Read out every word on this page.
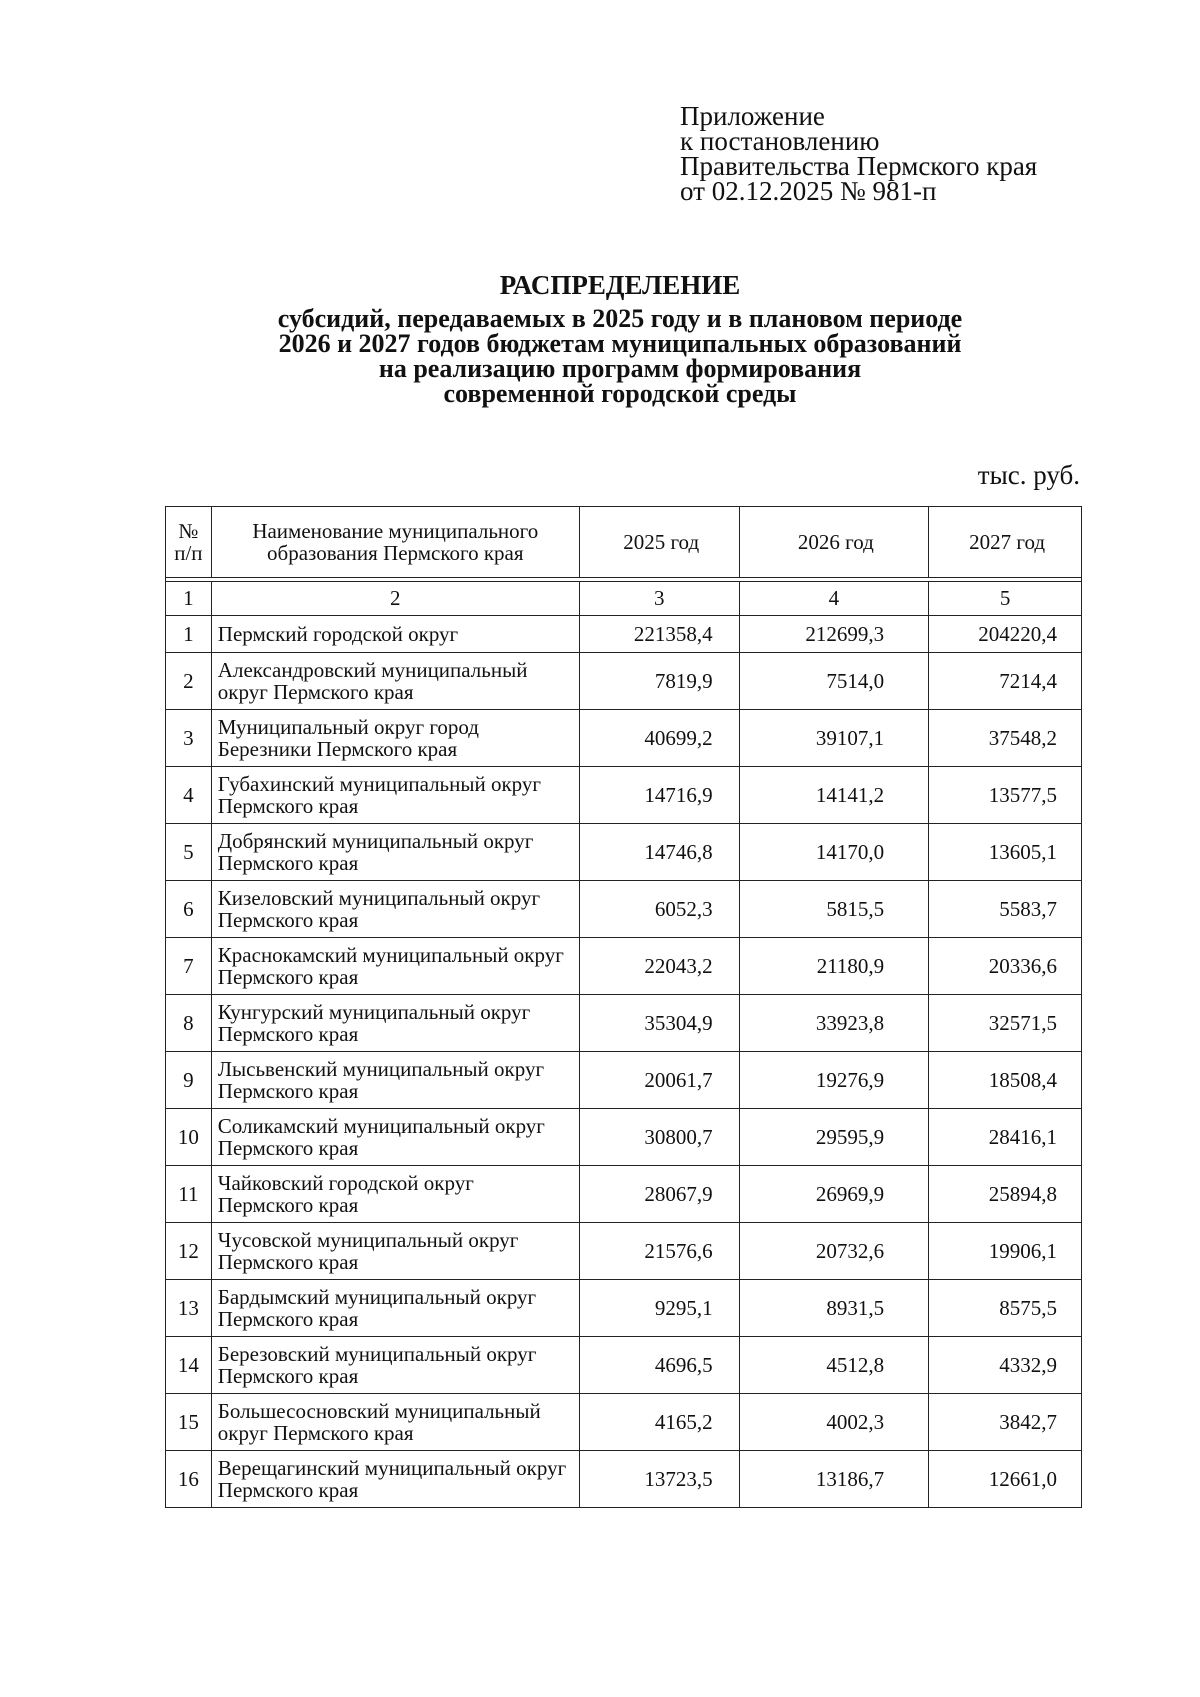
Приложение
к постановлению
Правительства Пермского края
от 02.12.2025 № 981-п
РАСПРЕДЕЛЕНИЕ
субсидий, передаваемых в 2025 году и в плановом периоде
2026 и 2027 годов бюджетам муниципальных образований
на реализацию программ формирования
современной городской среды
тыс. руб.
№ п/п	Наименование муниципального образования Пермского края	2025 год	2026 год	2027 год

1	2	3	4	5
1	Пермский городской округ	221358,4	212699,3	204220,4
2	Александровский муниципальный округ Пермского края	7819,9	7514,0	7214,4
3	Муниципальный округ город Березники Пермского края	40699,2	39107,1	37548,2
4	Губахинский муниципальный округ Пермского края	14716,9	14141,2	13577,5
5	Добрянский муниципальный округ Пермского края	14746,8	14170,0	13605,1
6	Кизеловский муниципальный округ Пермского края	6052,3	5815,5	5583,7
7	Краснокамский муниципальный округ Пермского края	22043,2	21180,9	20336,6
8	Кунгурский муниципальный округ Пермского края	35304,9	33923,8	32571,5
9	Лысьвенский муниципальный округ Пермского края	20061,7	19276,9	18508,4
10	Соликамский муниципальный округ Пермского края	30800,7	29595,9	28416,1
11	Чайковский городской округ Пермского края	28067,9	26969,9	25894,8
12	Чусовской муниципальный округ Пермского края	21576,6	20732,6	19906,1
13	Бардымский муниципальный округ Пермского края	9295,1	8931,5	8575,5
14	Березовский муниципальный округ Пермского края	4696,5	4512,8	4332,9
15	Большесосновский муниципальный округ Пермского края	4165,2	4002,3	3842,7
16	Верещагинский муниципальный округ Пермского края	13723,5	13186,7	12661,0
